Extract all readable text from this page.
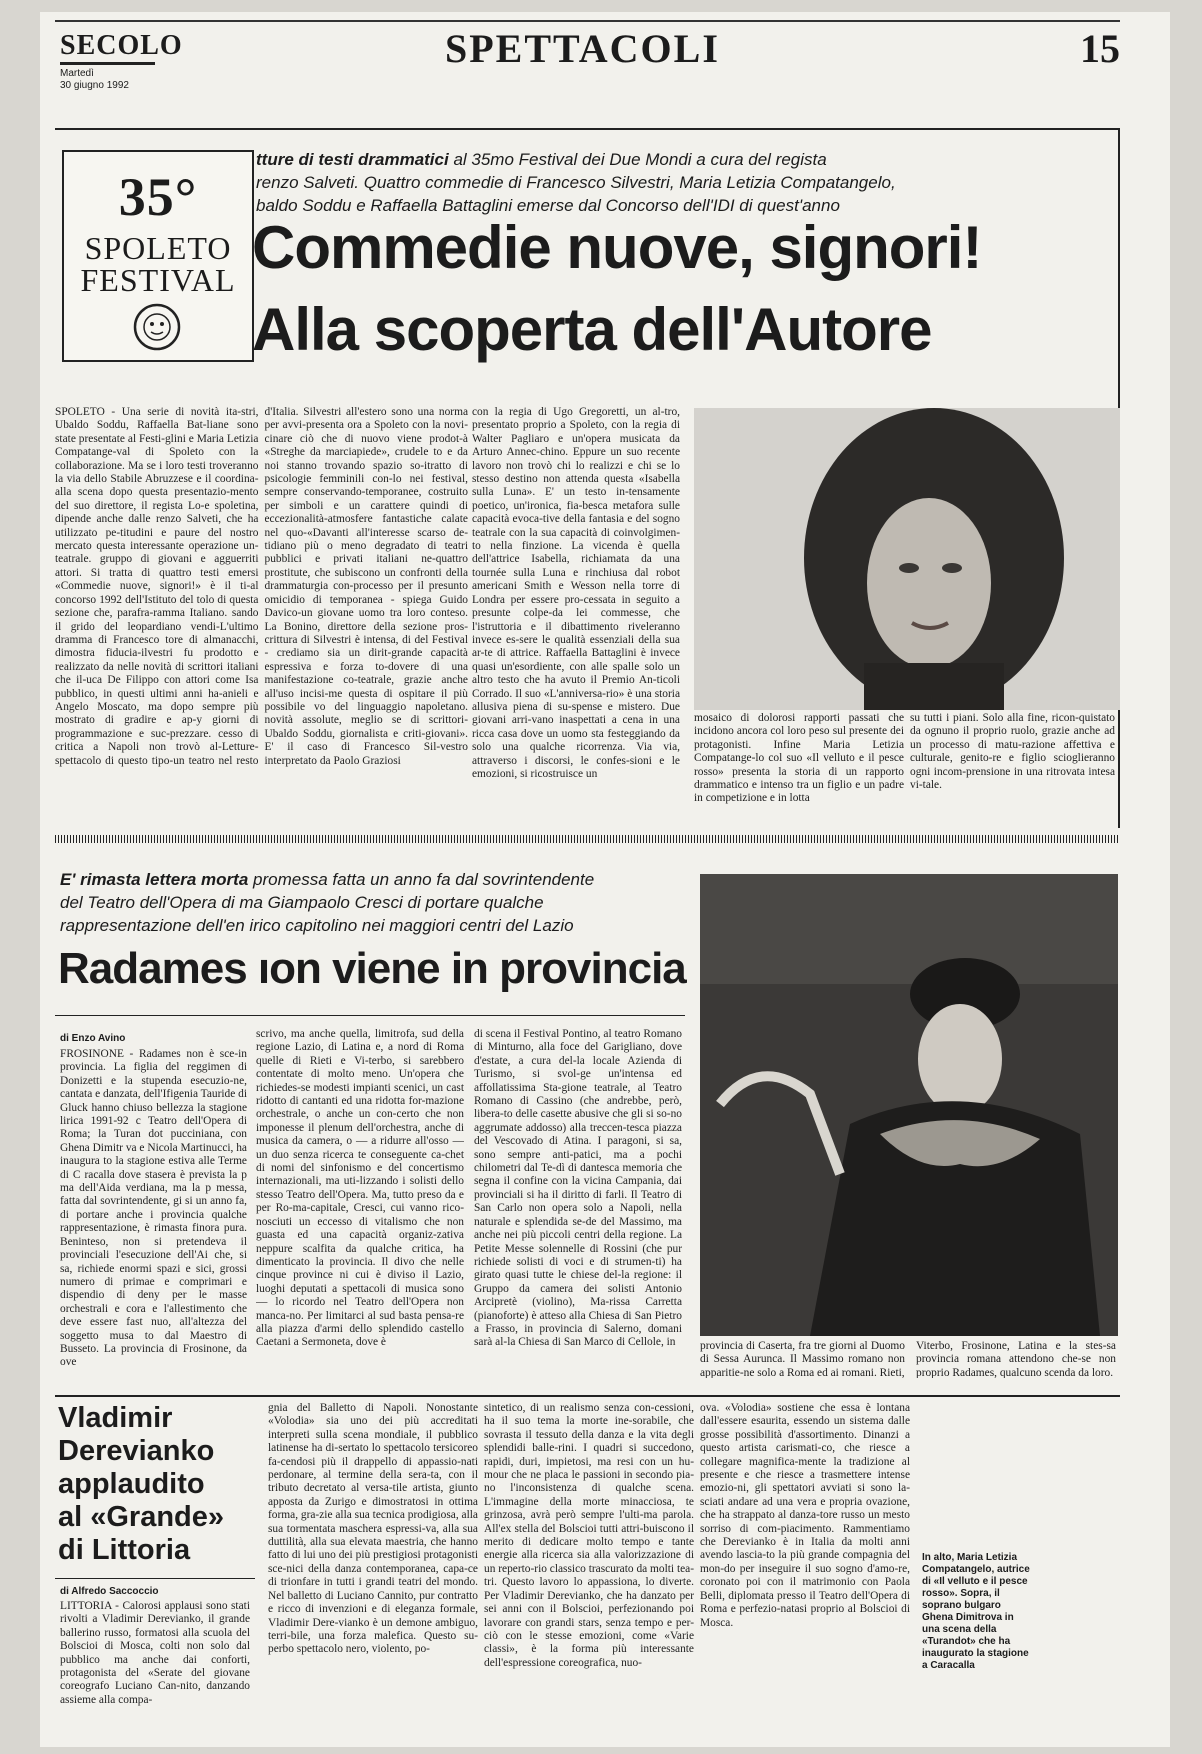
SECOLO
Martedì
30 giugno 1992
SPETTACOLI	15
35°
SPOLETO
FESTIVAL
tture di testi drammatici al 35mo Festival dei Due Mondi a cura del regista
renzo Salveti. Quattro commedie di Francesco Silvestri, Maria Letizia Compatangelo,
baldo Soddu e Raffaella Battaglini emerse dal Concorso dell'IDI di quest'anno
Commedie nuove, signori!
Alla scoperta dell'Autore
SPOLETO - Una serie di novità ita-stri, Ubaldo Soddu, Raffaella Bat-liane sono state presentate al Festi-glini e Maria Letizia Compatange-val di Spoleto con la collaborazione. Ma se i loro testi troveranno la via dello Stabile Abruzzese e il coordina-alla scena dopo questa presentazio-mento del suo direttore, il regista Lo-e spoletina, dipende anche dalle renzo Salveti, che ha utilizzato pe-titudini e paure del nostro mercato questa interessante operazione un-teatrale. gruppo di giovani e agguerriti attori. Si tratta di quattro testi emersi «Commedie nuove, signori!» è il ti-al concorso 1992 dell'Istituto del tolo di questa sezione che, parafra-ramma Italiano. sando il grido del leopardiano vendi-L'ultimo dramma di Francesco tore di almanacchi, dimostra fiducia-ilvestri fu prodotto e realizzato da nelle novità di scrittori italiani che il-uca De Filippo con attori come Isa pubblico, in questi ultimi anni ha-anieli e Angelo Moscato, ma dopo sempre più mostrato di gradire e ap-y giorni di programmazione e suc-prezzare. cesso di critica a Napoli non trovò al-Letture-spettacolo di questo tipo-un teatro nel resto d'Italia. Silvestri all'estero sono una norma per avvi-presenta ora a Spoleto con la novi-cinare ciò che di nuovo viene prodot-à «Streghe da marciapiede», crudele to e da noi stanno trovando spazio so-itratto di psicologie femminili con-lo nei festival, sempre conservando-temporanee, costruito per simboli e un carattere quindi di eccezionalità-atmosfere fantastiche calate nel quo-«Davanti all'interesse scarso de-tidiano più o meno degradato di teatri pubblici e privati italiani ne-quattro prostitute, che subiscono un confronti della drammaturgia con-processo per il presunto omicidio di temporanea - spiega Guido Davico-un giovane uomo tra loro conteso. La Bonino, direttore della sezione pros-crittura di Silvestri è intensa, di del Festival - crediamo sia un dirit-grande capacità espressiva e forza to-dovere di una manifestazione co-teatrale, grazie anche all'uso incisi-me questa di ospitare il più possibile vo del linguaggio napoletano. novità assolute, meglio se di scrittori-Ubaldo Soddu, giornalista e criti-giovani». E' il caso di Francesco Sil-vestro interpretato da Paolo Graziosi
con la regia di Ugo Gregoretti, un al-tro, presentato proprio a Spoleto, con la regia di Walter Pagliaro e un'opera musicata da Arturo Annec-chino. Eppure un suo recente lavoro non trovò chi lo realizzi e chi se lo stesso destino non attenda questa «Isabella sulla Luna». E' un testo in-tensamente poetico, un'ironica, fia-besca metafora sulle capacità evoca-tive della fantasia e del sogno teatrale con la sua capacità di coinvolgimen-to nella finzione. La vicenda è quella dell'attrice Isabella, richiamata da una tournée sulla Luna e rinchiusa dal robot americani Smith e Wesson nella torre di Londra per essere pro-cessata in seguito a presunte colpe-da lei commesse, che l'istruttoria e il dibattimento riveleranno invece es-sere le qualità essenziali della sua ar-te di attrice. Raffaella Battaglini è invece quasi un'esordiente, con alle spalle solo un altro testo che ha avuto il Premio An-ticoli Corrado. Il suo «L'anniversa-rio» è una storia allusiva piena di su-spense e mistero. Due giovani arri-vano inaspettati a cena in una ricca casa dove un uomo sta festeggiando da solo una qualche ricorrenza. Via via, attraverso i discorsi, le confes-sioni e le emozioni, si ricostruisce un
mosaico di dolorosi rapporti passati che incidono ancora col loro peso sul presente dei protagonisti. Infine Maria Letizia Compatange-lo col suo «Il velluto e il pesce rosso» presenta la storia di un rapporto drammatico e intenso tra un figlio e un padre in competizione e in lotta
su tutti i piani. Solo alla fine, ricon-quistato da ognuno il proprio ruolo, grazie anche ad un processo di matu-razione affettiva e culturale, genito-re e figlio scioglieranno ogni incom-prensione in una ritrovata intesa vi-tale.
E' rimasta lettera morta promessa fatta un anno fa dal sovrintendente
del Teatro dell'Opera di ma Giampaolo Cresci di portare qualche
rappresentazione dell'en irico capitolino nei maggiori centri del Lazio
Radames ıon viene in provincia
di Enzo Avino
FROSINONE - Radames non è sce-in provincia. La figlia del reggimen di Donizetti e la stupenda esecuzio-ne, cantata e danzata, dell'Ifigenia Tauride di Gluck hanno chiuso bellezza la stagione lirica 1991-92 c Teatro dell'Opera di Roma; la Turan dot pucciniana, con Ghena Dimitr va e Nicola Martinucci, ha inaugura to la stagione estiva alle Terme di C racalla dove stasera è prevista la p ma dell'Aida verdiana, ma la p messa, fatta dal sovrintendente, gi si un anno fa, di portare anche i provincia qualche rappresentazione, è rimasta finora pura. Beninteso, non si pretendeva il provinciali l'esecuzione dell'Ai che, si sa, richiede enormi spazi e sici, grossi numero di primae e comprimari e dispendio di deny per le masse orchestrali e cora e l'allestimento che deve essere fast nuo, all'altezza del soggetto musa to dal Maestro di Busseto. La provincia di Frosinone, da ove
scrivo, ma anche quella, limitrofa, sud della regione Lazio, di Latina e, a nord di Roma quelle di Rieti e Vi-terbo, si sarebbero contentate di molto meno. Un'opera che richiedes-se modesti impianti scenici, un cast ridotto di cantanti ed una ridotta for-mazione orchestrale, o anche un con-certo che non imponesse il plenum dell'orchestra, anche di musica da camera, o — a ridurre all'osso — un duo senza ricerca te conseguente ca-chet di nomi del sinfonismo e del concertismo internazionali, ma uti-lizzando i solisti dello stesso Teatro dell'Opera. Ma, tutto preso da e per Ro-ma-capitale, Cresci, cui vanno rico-nosciuti un eccesso di vitalismo che non guasta ed una capacità organiz-zativa neppure scalfita da qualche critica, ha dimenticato la provincia. Il divo che nelle cinque province ni cui è diviso il Lazio, luoghi deputati a spettacoli di musica sono — lo ricordo nel Teatro dell'Opera non manca-no. Per limitarci al sud basta pensa-re alla piazza d'armi dello splendido castello Caetani a Sermoneta, dove è
di scena il Festival Pontino, al teatro Romano di Minturno, alla foce del Garigliano, dove d'estate, a cura del-la locale Azienda di Turismo, si svol-ge un'intensa ed affollatissima Sta-gione teatrale, al Teatro Romano di Cassino (che andrebbe, però, libera-to delle casette abusive che gli si so-no aggrumate addosso) alla treccen-tesca piazza del Vescovado di Atina. I paragoni, si sa, sono sempre anti-patici, ma a pochi chilometri dal Te-dì di dantesca memoria che segna il confine con la vicina Campania, dai provinciali si ha il diritto di farli. Il Teatro di San Carlo non opera solo a Napoli, nella naturale e splendida se-de del Massimo, ma anche nei più piccoli centri della regione. La Petite Messe solennelle di Rossini (che pur richiede solisti di voci e di strumen-ti) ha girato quasi tutte le chiese del-la regione: il Gruppo da camera dei solisti Antonio Arcipretè (violino), Ma-rissa Carretta (pianoforte) è atteso alla Chiesa di San Pietro a Frasso, in provincia di Salerno, domani sarà al-la Chiesa di San Marco di Cellole, in	provincia di Caserta, fra tre giorni al Duomo di Sessa Aurunca. Il Massimo romano non apparitie-ne solo a Roma ed ai romani. Rieti,
Viterbo, Frosinone, Latina e la stes-sa provincia romana attendono che-se non proprio Radames, qualcuno scenda da loro.
Vladimir
Derevianko
applaudito
al «Grande»
di Littoria
di Alfredo Saccoccio
LITTORIA - Calorosi applausi sono stati rivolti a Vladimir Derevianko, il grande ballerino russo, formatosi alla scuola del Bolscioi di Mosca, colti non solo dal pubblico ma anche dai conforti, protagonista del «Serate del giovane coreografo Luciano Can-nito, danzando assieme alla compa-
gnia del Balletto di Napoli. Nonostante «Volodia» sia uno dei più accreditati interpreti sulla scena mondiale, il pubblico latinense ha di-sertato lo spettacolo tersicoreo fa-cendosi più il drappello di appassio-nati perdonare, al termine della sera-ta, con il tributo decretato al versa-tile artista, giunto apposta da Zurigo e dimostratosi in ottima forma, gra-zie alla sua tecnica prodigiosa, alla sua tormentata maschera espressi-va, alla sua duttilità, alla sua elevata maestria, che hanno fatto di lui uno dei più prestigiosi protagonisti sce-nici della danza contemporanea, capa-ce di trionfare in tutti i grandi teatri del mondo. Nel balletto di Luciano Cannito, pur contratto e ricco di invenzioni e di eleganza formale, Vladimir Dere-vianko è un demone ambiguo, terri-bile, una forza malefica. Questo su-perbo spettacolo nero, violento, po-
sintetico, di un realismo senza con-cessioni, ha il suo tema la morte ine-sorabile, che sovrasta il tessuto della danza e la vita degli splendidi balle-rini. I quadri si succedono, rapidi, duri, impietosi, ma resi con un hu-mour che ne placa le passioni in secondo pia-no l'inconsistenza di qualche scena. L'immagine della morte minacciosa, te grinzosa, avrà però sempre l'ulti-ma parola. All'ex stella del Bolscioi tutti attri-buiscono il merito di dedicare molto tempo e tante energie alla ricerca sia alla valorizzazione di un reperto-rio classico trascurato da molti tea-tri. Questo lavoro lo appassiona, lo diverte. Per Vladimir Derevianko, che ha danzato per sei anni con il Bolscioi, perfezionando poi lavorare con grandi stars, senza tempo e per-ciò con le stesse emozioni, come «Varie classi», è la forma più interessante dell'espressione coreografica, nuo-
ova. «Volodia» sostiene che essa è lontana dall'essere esaurita, essendo un sistema dalle grosse possibilità d'assortimento. Dinanzi a questo artista carismati-co, che riesce a collegare magnifica-mente la tradizione al presente e che riesce a trasmettere intense emozio-ni, gli spettatori avviati si sono la-sciati andare ad una vera e propria ovazione, che ha strappato al danza-tore russo un mesto sorriso di com-piacimento. Rammentiamo che Derevianko è in Italia da molti anni avendo lascia-to la più grande compagnia del mon-do per inseguire il suo sogno d'amo-re, coronato poi con il matrimonio con Paola Belli, diplomata presso il Teatro dell'Opera di Roma e perfezio-natasi proprio al Bolscioi di Mosca.
In alto, Maria Letizia Compatangelo, autrice di «Il velluto e il pesce rosso». Sopra, il soprano bulgaro Ghena Dimitrova in una scena della «Turandot» che ha inaugurato la stagione a Caracalla
